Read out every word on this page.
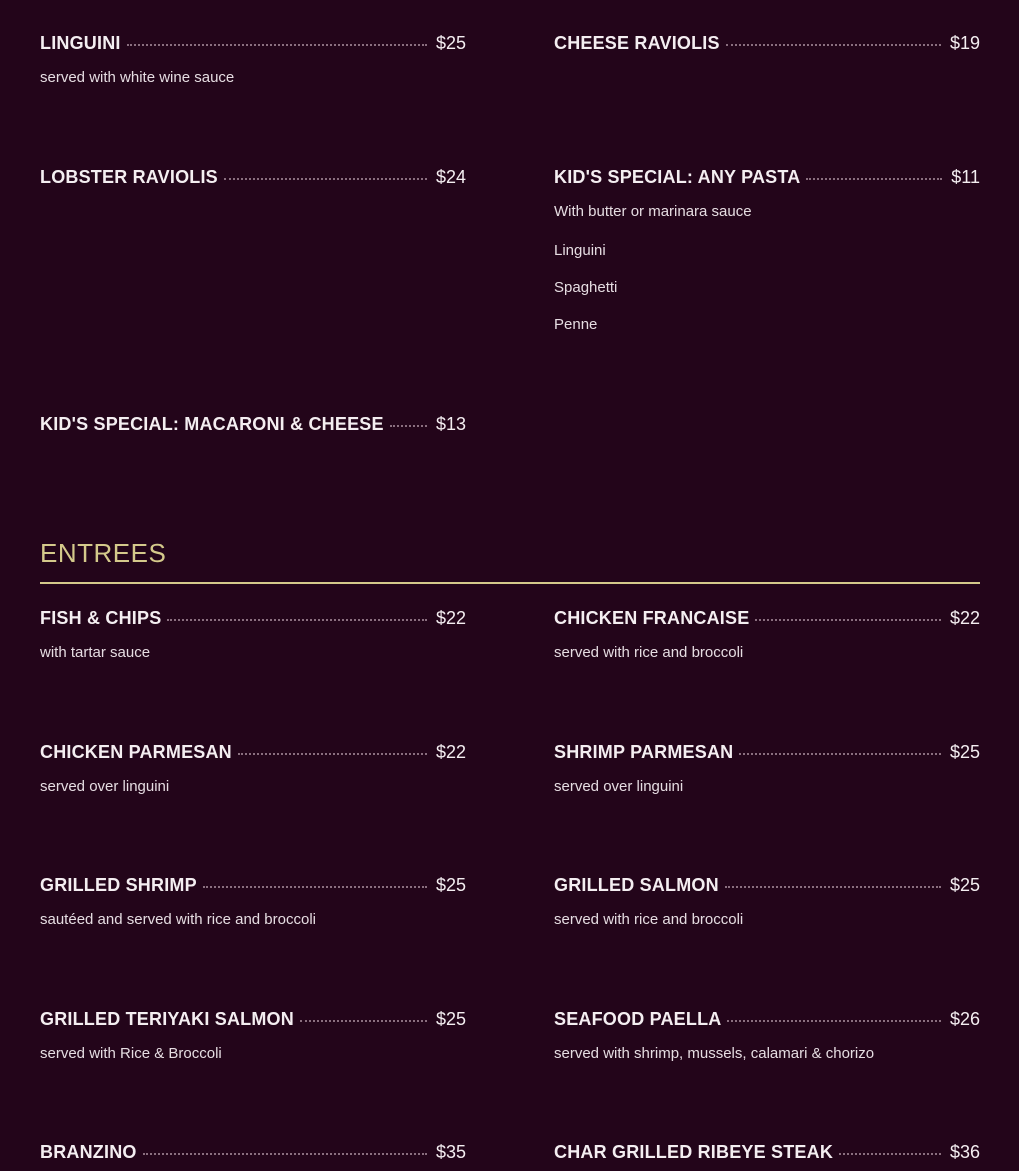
LINGUINI	$25
served with white wine sauce
CHEESE RAVIOLIS	$19
LOBSTER RAVIOLIS	$24	KID'S SPECIAL: ANY PASTA	$11
With butter or marinara sauce
Linguini
Spaghetti
Penne
KID'S SPECIAL: MACARONI & CHEESE	$13
ENTREES
FISH & CHIPS	$22
with tartar sauce
CHICKEN FRANCAISE	$22
served with rice and broccoli
CHICKEN PARMESAN	$22
served over linguini
SHRIMP PARMESAN	$25
served over linguini
GRILLED SHRIMP	$25
sautéed and served with rice and broccoli
GRILLED SALMON	$25
served with rice and broccoli
GRILLED TERIYAKI SALMON	$25
served with Rice & Broccoli
SEAFOOD PAELLA	$26
served with shrimp, mussels, calamari & chorizo
BRANZINO	$35	CHAR GRILLED RIBEYE STEAK	$36
